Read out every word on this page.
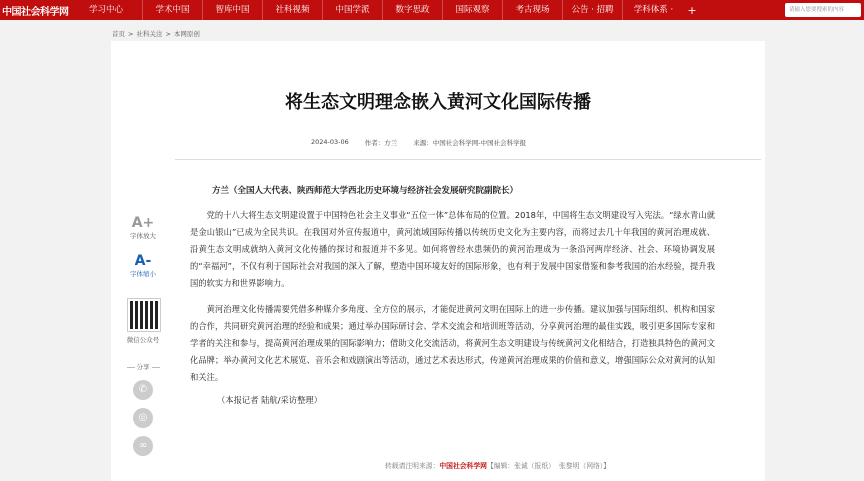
中国社会科学网	学习中心	学术中国	智库中国	社科视频	中国学派	数字思政	国际观察	考古现场	公告 · 招聘	学科体系 ·	+	请输入您要搜索的内容
首页 > 社科关注 > 本网原创
将生态文明理念嵌入黄河文化国际传播
2024-03-06 作者：方兰 来源：中国社会科学网-中国社会科学报
A+
字体放大
A-
字体缩小
微信公众号
分享
✆
◎
∞
方兰（全国人大代表、陕西师范大学西北历史环境与经济社会发展研究院副院长）

党的十八大将生态文明建设置于中国特色社会主义事业“五位一体”总体布局的位置。2018年，中国将生态文明建设写入宪法。“绿水青山就是金山银山”已成为全民共识。在我国对外宣传报道中，黄河流域国际传播以传统历史文化为主要内容，而将过去几十年我国的黄河治理成就、沿黄生态文明成就纳入黄河文化传播的探讨和报道并不多见。如何将曾经水患频仍的黄河治理成为一条沿河两岸经济、社会、环境协调发展的“幸福河”，不仅有利于国际社会对我国的深入了解，塑造中国环境友好的国际形象，也有利于发展中国家借鉴和参考我国的治水经验，提升我国的软实力和世界影响力。

黄河治理文化传播需要凭借多种媒介多角度、全方位的展示，才能促进黄河文明在国际上的进一步传播。建议加强与国际组织、机构和国家的合作，共同研究黄河治理的经验和成果；通过举办国际研讨会、学术交流会和培训班等活动，分享黄河治理的最佳实践，吸引更多国际专家和学者的关注和参与，提高黄河治理成果的国际影响力；借助文化交流活动，将黄河生态文明建设与传统黄河文化相结合，打造独具特色的黄河文化品牌；举办黄河文化艺术展览、音乐会和戏剧演出等活动，通过艺术表达形式，传递黄河治理成果的价值和意义，增强国际公众对黄河的认知和关注。

（本报记者 陆航/采访整理）

转载请注明来源：中国社会科学网【编辑：张诚（报纸） 张黎明（网络）】
